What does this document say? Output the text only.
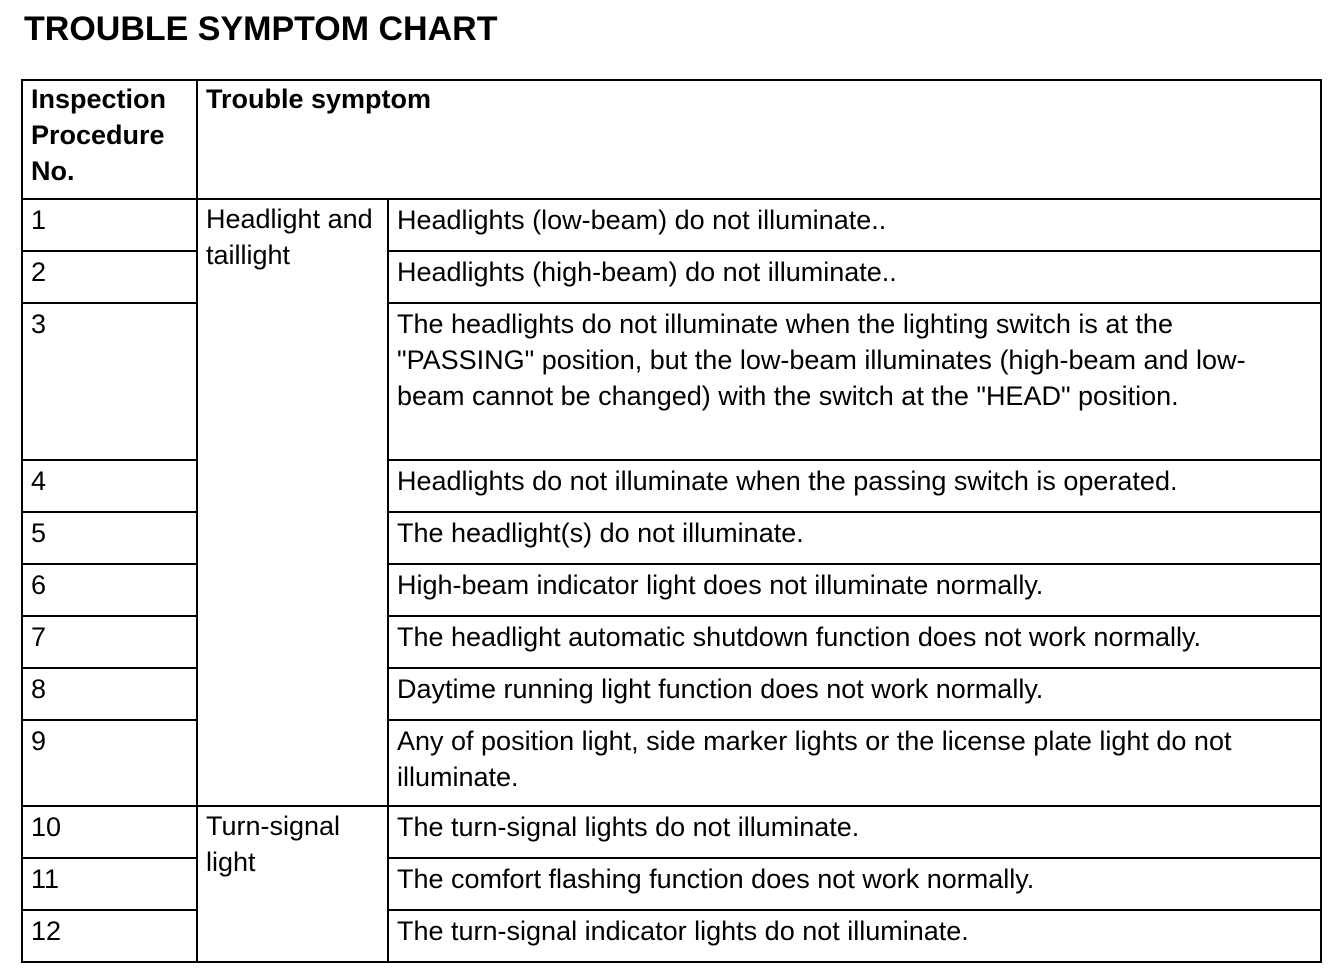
TROUBLE SYMPTOM CHART
Inspection Procedure No.	Trouble symptom	
1	Headlight and taillight	Headlights (low-beam) do not illuminate..
2		Headlights (high-beam) do not illuminate..
3		The headlights do not illuminate when the lighting switch is at the "PASSING" position, but the low-beam illuminates (high-beam and low-beam cannot be changed) with the switch at the "HEAD" position.
4		Headlights do not illuminate when the passing switch is operated.
5		The headlight(s) do not illuminate.
6		High-beam indicator light does not illuminate normally.
7		The headlight automatic shutdown function does not work normally.
8		Daytime running light function does not work normally.
9		Any of position light, side marker lights or the license plate light do not illuminate.
10	Turn-signal light	The turn-signal lights do not illuminate.
11		The comfort flashing function does not work normally.
12		The turn-signal indicator lights do not illuminate.
